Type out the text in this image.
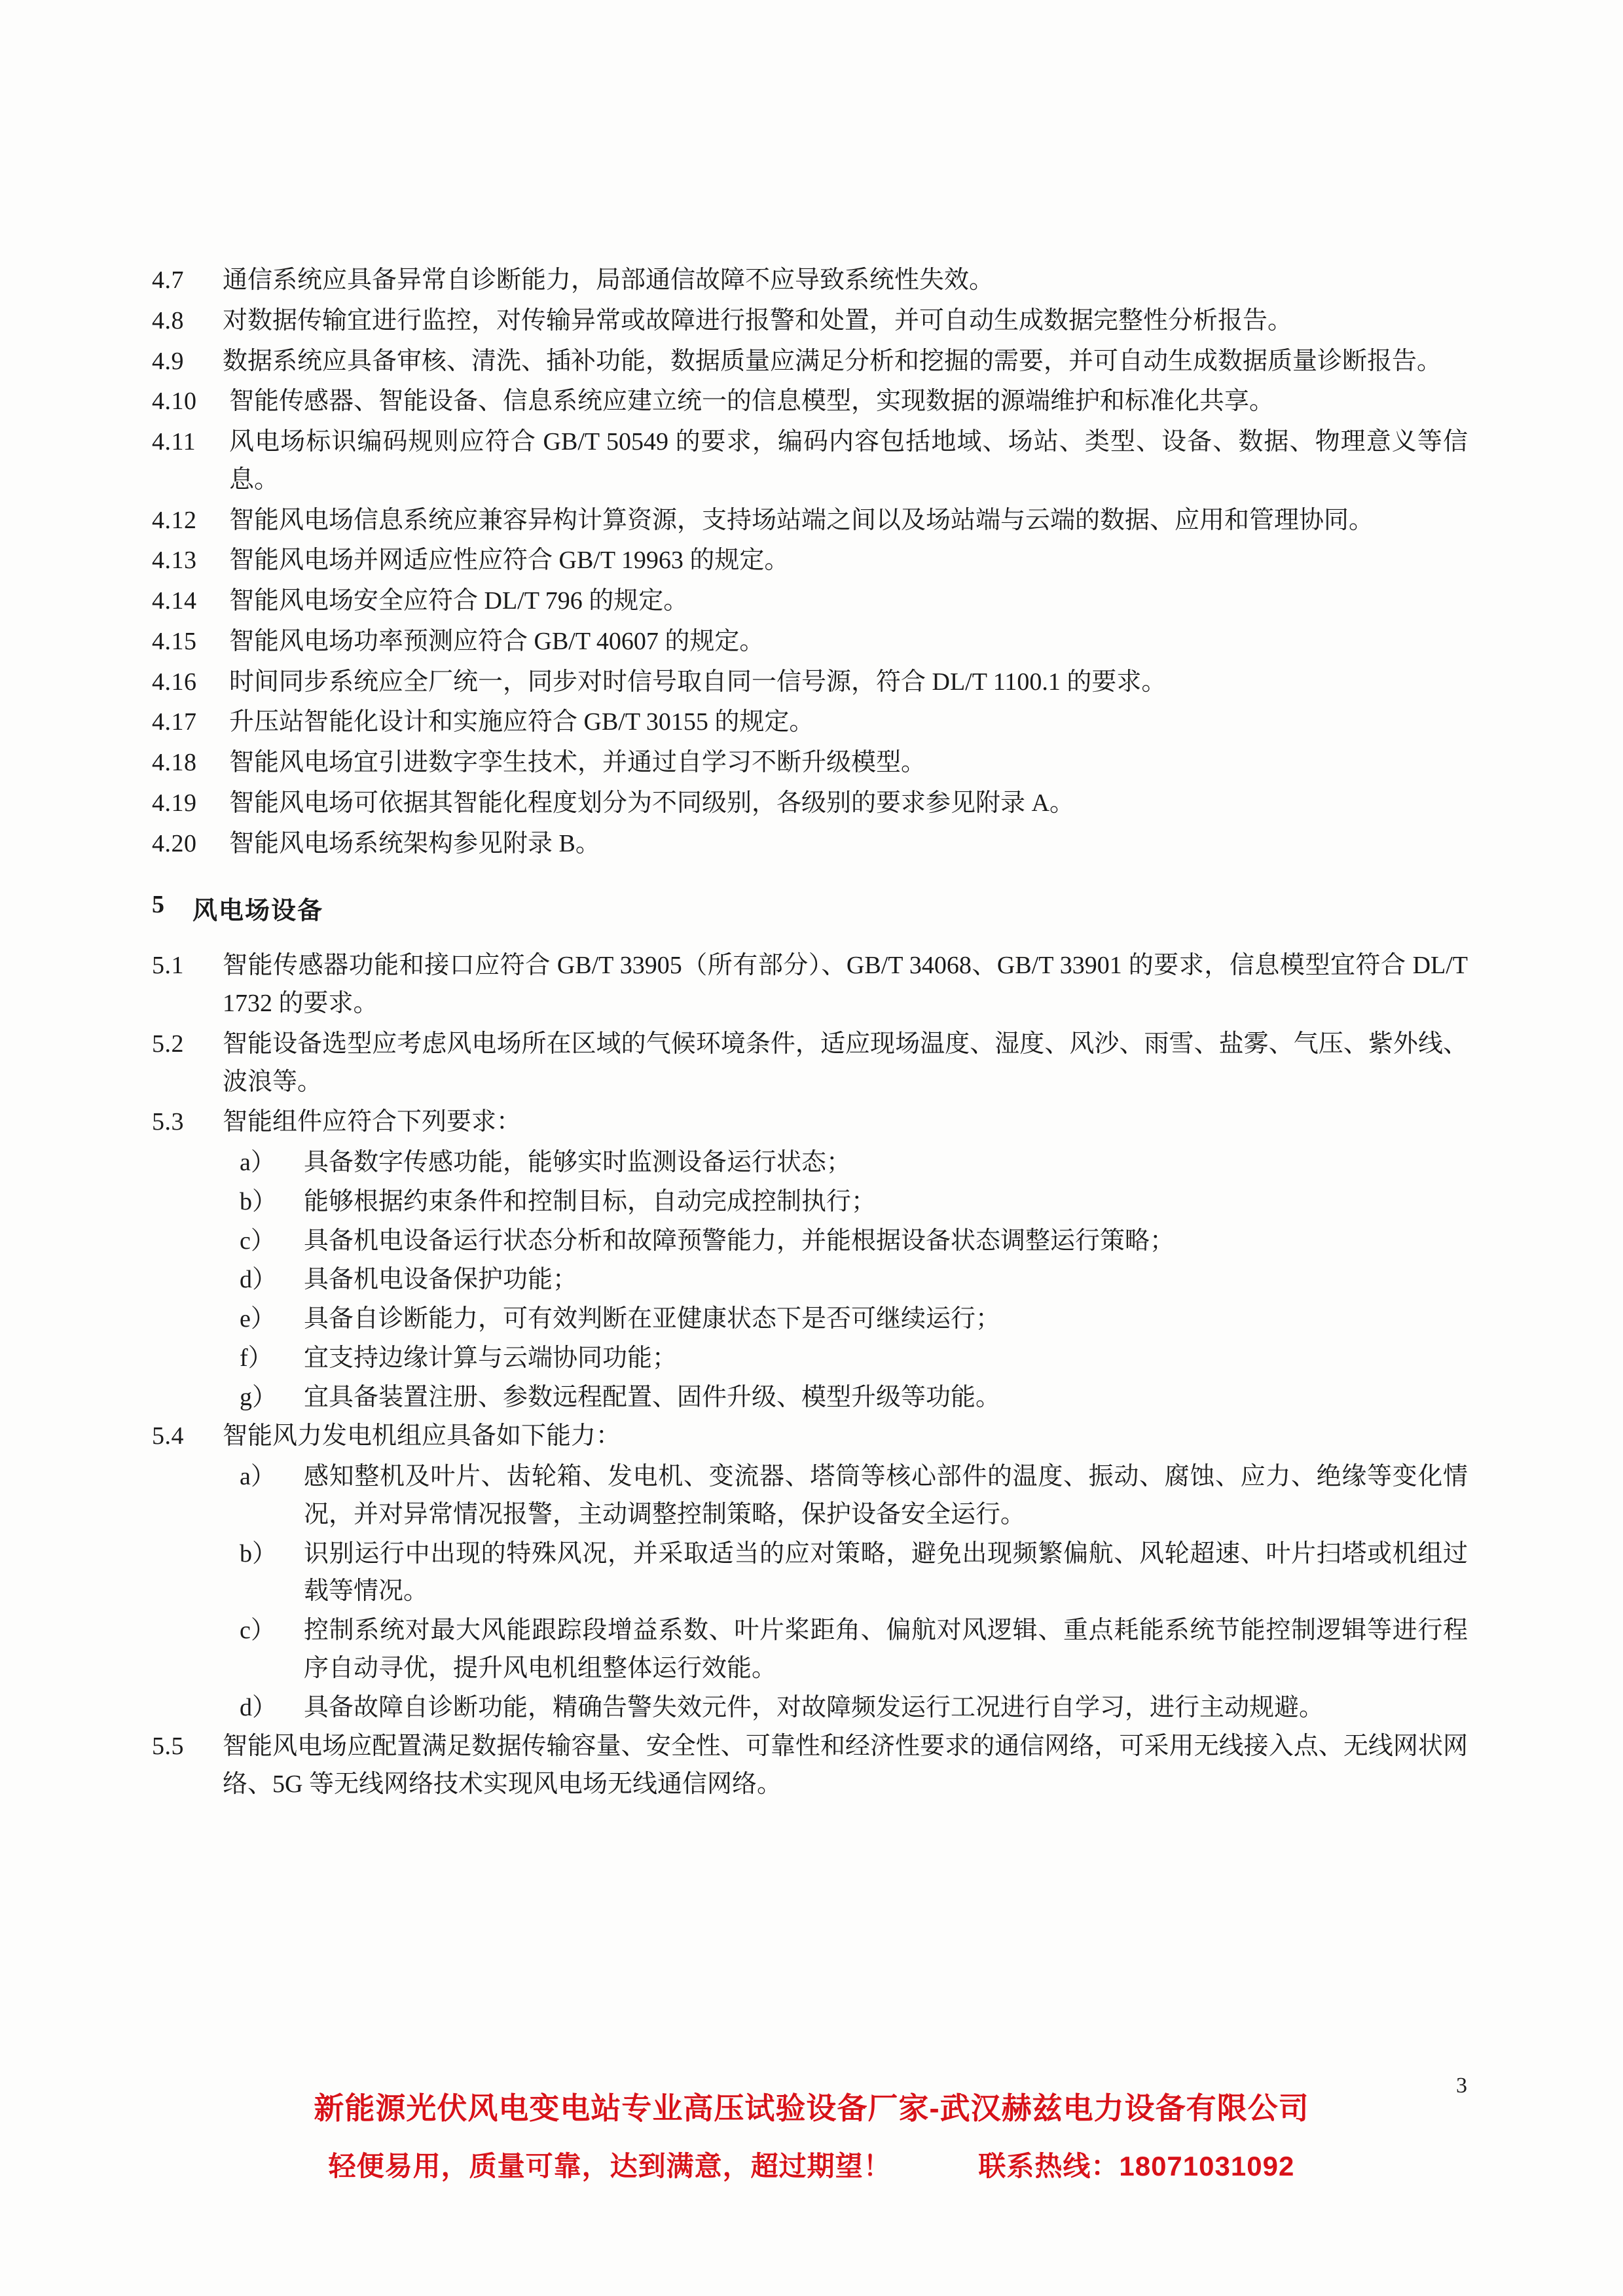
4.7	通信系统应具备异常自诊断能力，局部通信故障不应导致系统性失效。
4.8	对数据传输宜进行监控，对传输异常或故障进行报警和处置，并可自动生成数据完整性分析报告。
4.9	数据系统应具备审核、清洗、插补功能，数据质量应满足分析和挖掘的需要，并可自动生成数据质量诊断报告。
4.10	智能传感器、智能设备、信息系统应建立统一的信息模型，实现数据的源端维护和标准化共享。
4.11	风电场标识编码规则应符合 GB/T 50549 的要求，编码内容包括地域、场站、类型、设备、数据、物理意义等信息。
4.12	智能风电场信息系统应兼容异构计算资源，支持场站端之间以及场站端与云端的数据、应用和管理协同。
4.13	智能风电场并网适应性应符合 GB/T 19963 的规定。
4.14	智能风电场安全应符合 DL/T 796 的规定。
4.15	智能风电场功率预测应符合 GB/T 40607 的规定。
4.16	时间同步系统应全厂统一，同步对时信号取自同一信号源，符合 DL/T 1100.1 的要求。
4.17	升压站智能化设计和实施应符合 GB/T 30155 的规定。
4.18	智能风电场宜引进数字孪生技术，并通过自学习不断升级模型。
4.19	智能风电场可依据其智能化程度划分为不同级别，各级别的要求参见附录 A。
4.20	智能风电场系统架构参见附录 B。
5	风电场设备
5.1	智能传感器功能和接口应符合 GB/T 33905（所有部分）、GB/T 34068、GB/T 33901 的要求，信息模型宜符合 DL/T 1732 的要求。
5.2	智能设备选型应考虑风电场所在区域的气候环境条件，适应现场温度、湿度、风沙、雨雪、盐雾、气压、紫外线、波浪等。
5.3	智能组件应符合下列要求：
a）	具备数字传感功能，能够实时监测设备运行状态；
b）	能够根据约束条件和控制目标，自动完成控制执行；
c）	具备机电设备运行状态分析和故障预警能力，并能根据设备状态调整运行策略；
d）	具备机电设备保护功能；
e）	具备自诊断能力，可有效判断在亚健康状态下是否可继续运行；
f）	宜支持边缘计算与云端协同功能；
g）	宜具备装置注册、参数远程配置、固件升级、模型升级等功能。
5.4	智能风力发电机组应具备如下能力：
a）	感知整机及叶片、齿轮箱、发电机、变流器、塔筒等核心部件的温度、振动、腐蚀、应力、绝缘等变化情况，并对异常情况报警，主动调整控制策略，保护设备安全运行。
b）	识别运行中出现的特殊风况，并采取适当的应对策略，避免出现频繁偏航、风轮超速、叶片扫塔或机组过载等情况。
c）	控制系统对最大风能跟踪段增益系数、叶片桨距角、偏航对风逻辑、重点耗能系统节能控制逻辑等进行程序自动寻优，提升风电机组整体运行效能。
d）	具备故障自诊断功能，精确告警失效元件，对故障频发运行工况进行自学习，进行主动规避。
5.5	智能风电场应配置满足数据传输容量、安全性、可靠性和经济性要求的通信网络，可采用无线接入点、无线网状网络、5G 等无线网络技术实现风电场无线通信网络。
3
新能源光伏风电变电站专业高压试验设备厂家-武汉赫兹电力设备有限公司
轻便易用，质量可靠，达到满意，超过期望！	联系热线：18071031092
